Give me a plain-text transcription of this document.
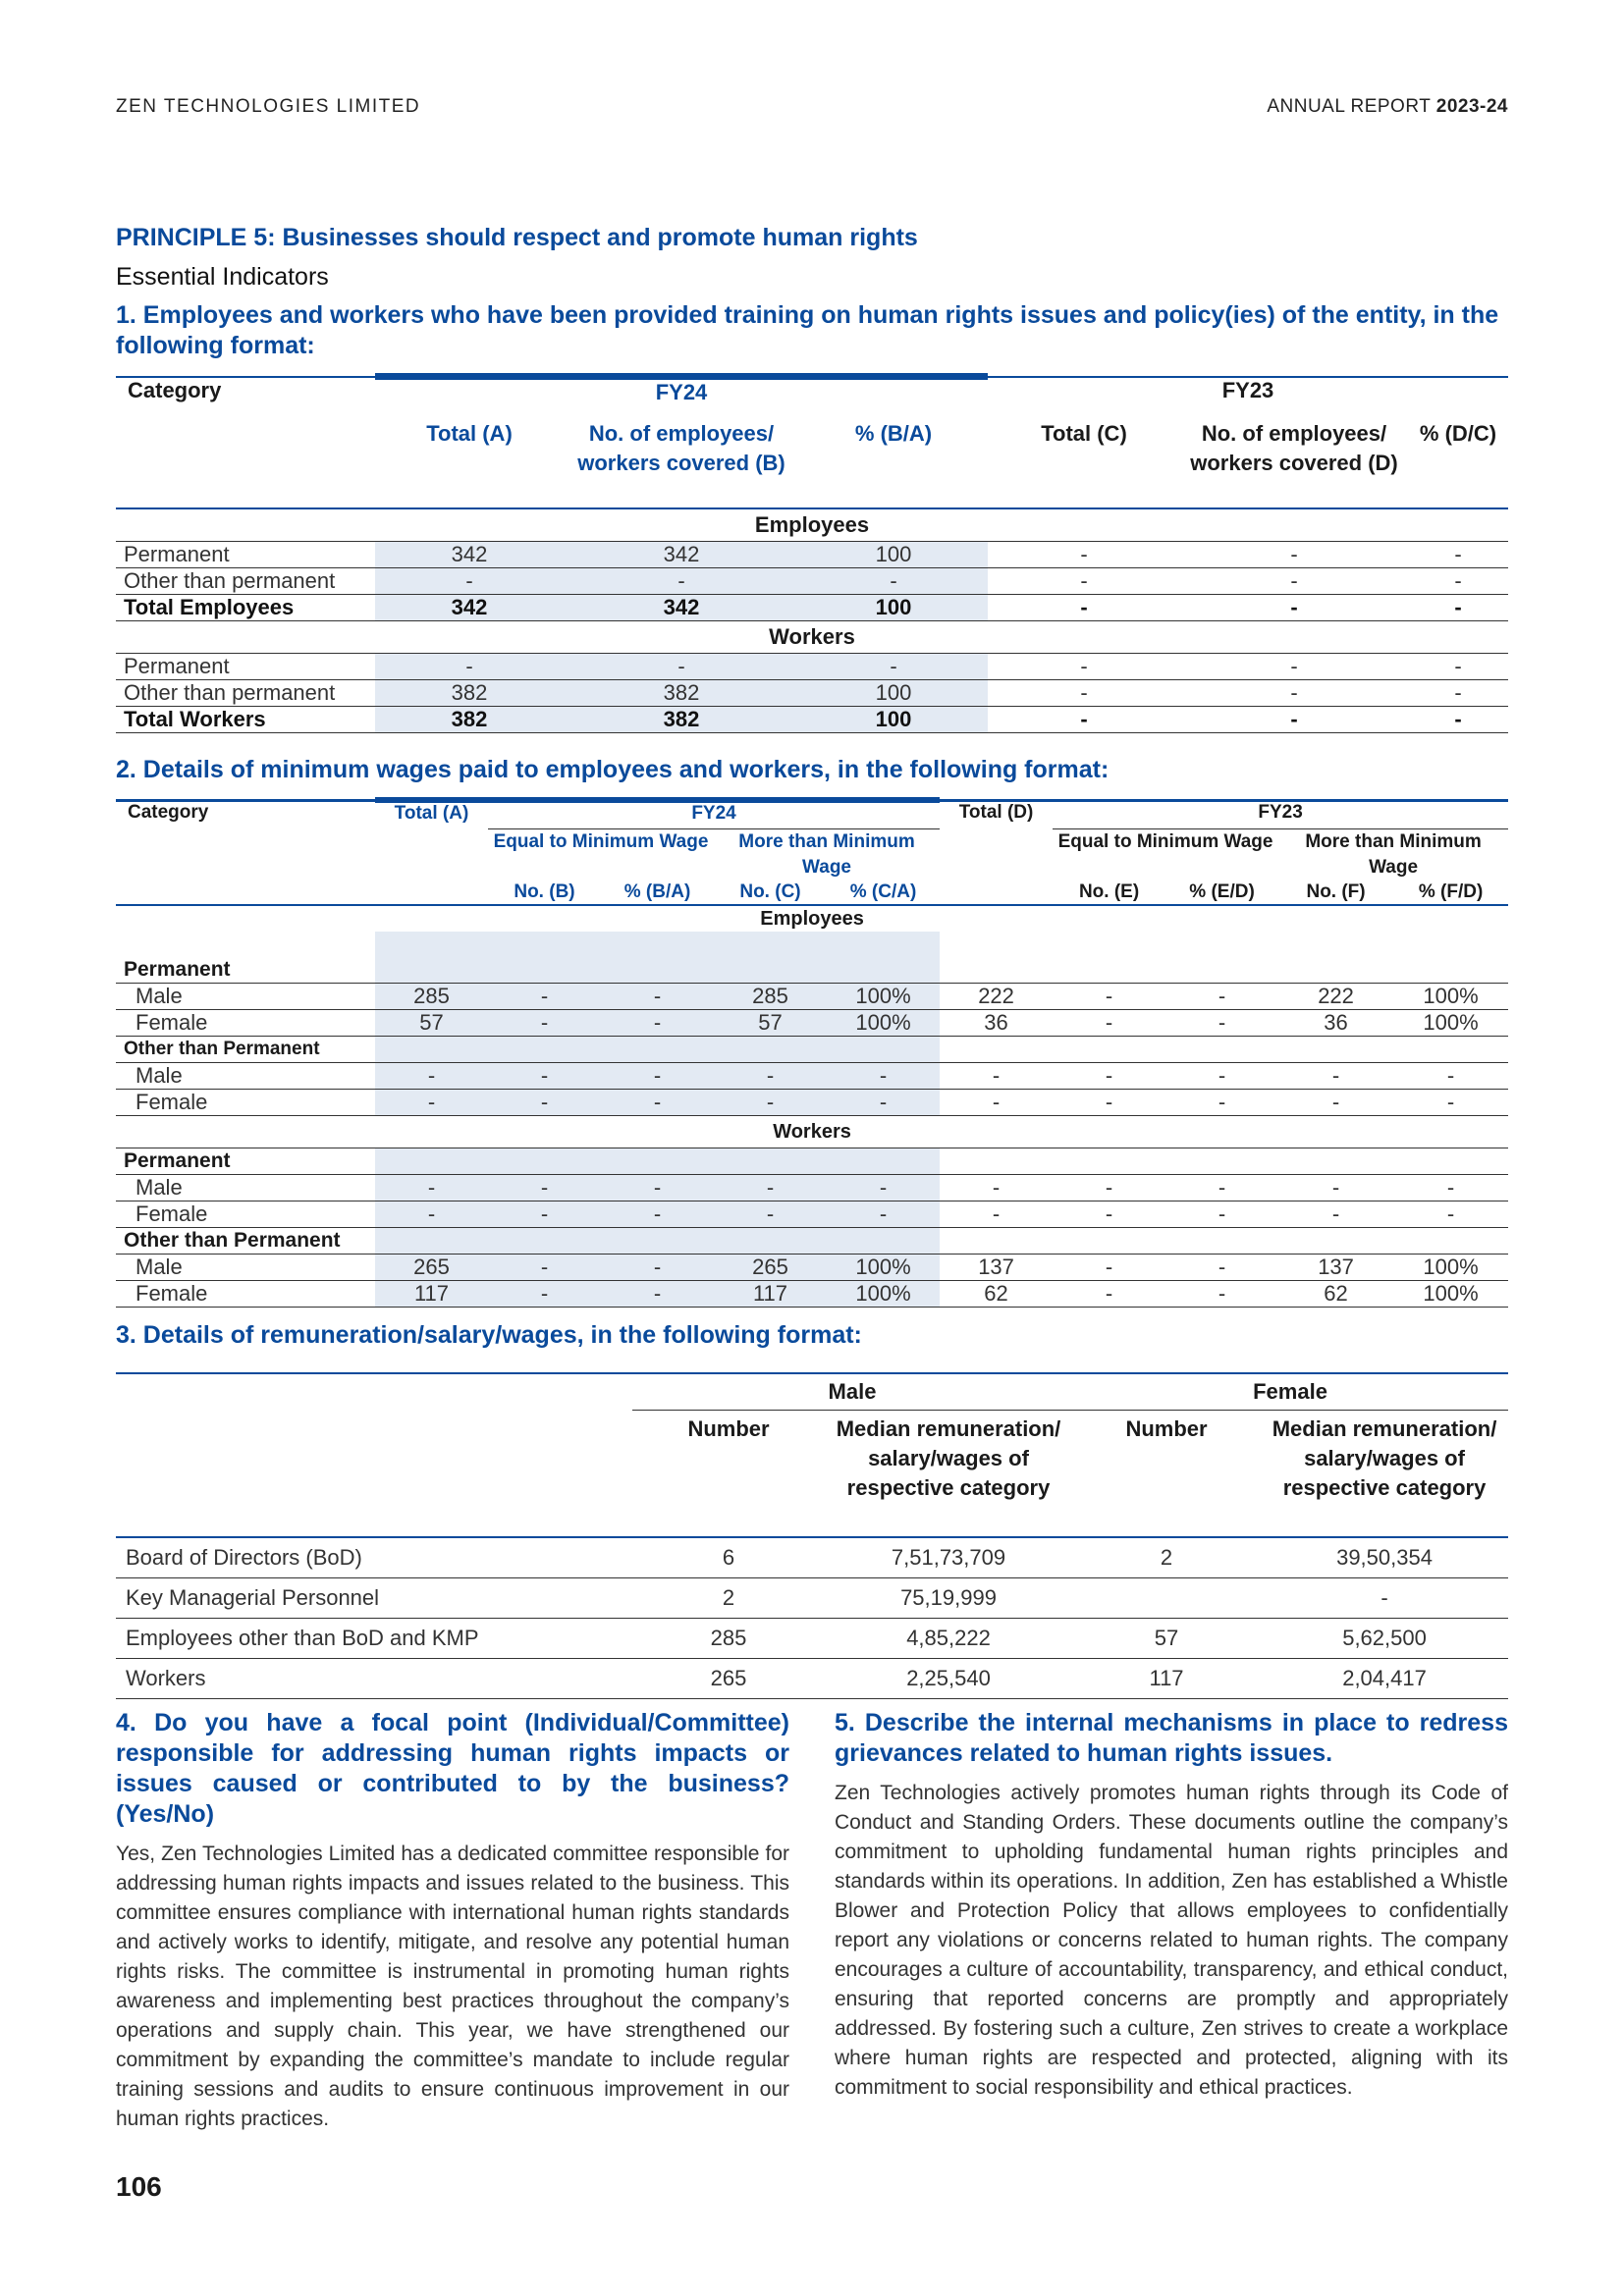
ZEN TECHNOLOGIES LIMITED	ANNUAL REPORT 2023-24
PRINCIPLE 5: Businesses should respect and promote human rights
Essential Indicators
1. Employees and workers who have been provided training on human rights issues and policy(ies) of the entity, in the following format:
Category	FY24			FY23		
	Total (A)	No. of employees/ workers covered (B)	% (B/A)	Total (C)	No. of employees/ workers covered (D)	% (D/C)
Employees						
Permanent	342	342	100	-	-	-
Other than permanent	-	-	-	-	-	-
Total Employees	342	342	100	-	-	-
Workers						
Permanent	-	-	-	-	-	-
Other than permanent	382	382	100	-	-	-
Total Workers	382	382	100	-	-	-
2. Details of minimum wages paid to employees and workers, in the following format:
Category	Total (A)	FY24				Total (D)	FY23			
		Equal to Minimum Wage		More than Minimum Wage			Equal to Minimum Wage		More than Minimum Wage	
		No. (B)	% (B/A)	No. (C)	% (C/A)		No. (E)	% (E/D)	No. (F)	% (F/D)
Employees										

Permanent										
Male	285	-	-	285	100%	222	-	-	222	100%
Female	57	-	-	57	100%	36	-	-	36	100%
Other than Permanent										
Male	-	-	-	-	-	-	-	-	-	-
Female	-	-	-	-	-	-	-	-	-	-
Workers										
Permanent										
Male	-	-	-	-	-	-	-	-	-	-
Female	-	-	-	-	-	-	-	-	-	-
Other than Permanent										
Male	265	-	-	265	100%	137	-	-	137	100%
Female	117	-	-	117	100%	62	-	-	62	100%
3. Details of remuneration/salary/wages, in the following format:
	Male		Female	
	Number	Median remuneration/ salary/wages of respective category	Number	Median remuneration/ salary/wages of respective category
Board of Directors (BoD)	6	7,51,73,709	2	39,50,354
Key Managerial Personnel	2	75,19,999		-
Employees other than BoD and KMP	285	4,85,222	57	5,62,500
Workers	265	2,25,540	117	2,04,417
4. Do you have a focal point (Individual/Committee) responsible for addressing human rights impacts or issues caused or contributed to by the business? (Yes/No)

Yes, Zen Technologies Limited has a dedicated committee responsible for addressing human rights impacts and issues related to the business. This committee ensures compliance with international human rights standards and actively works to identify, mitigate, and resolve any potential human rights risks. The committee is instrumental in promoting human rights awareness and implementing best practices throughout the company’s operations and supply chain. This year, we have strengthened our commitment by expanding the committee’s mandate to include regular training sessions and audits to ensure continuous improvement in our human rights practices.

5. Describe the internal mechanisms in place to redress grievances related to human rights issues.

Zen Technologies actively promotes human rights through its Code of Conduct and Standing Orders. These documents outline the company’s commitment to upholding fundamental human rights principles and standards within its operations. In addition, Zen has established a Whistle Blower and Protection Policy that allows employees to confidentially report any violations or concerns related to human rights. The company encourages a culture of accountability, transparency, and ethical conduct, ensuring that reported concerns are promptly and appropriately addressed. By fostering such a culture, Zen strives to create a workplace where human rights are respected and protected, aligning with its commitment to social responsibility and ethical practices.

106
